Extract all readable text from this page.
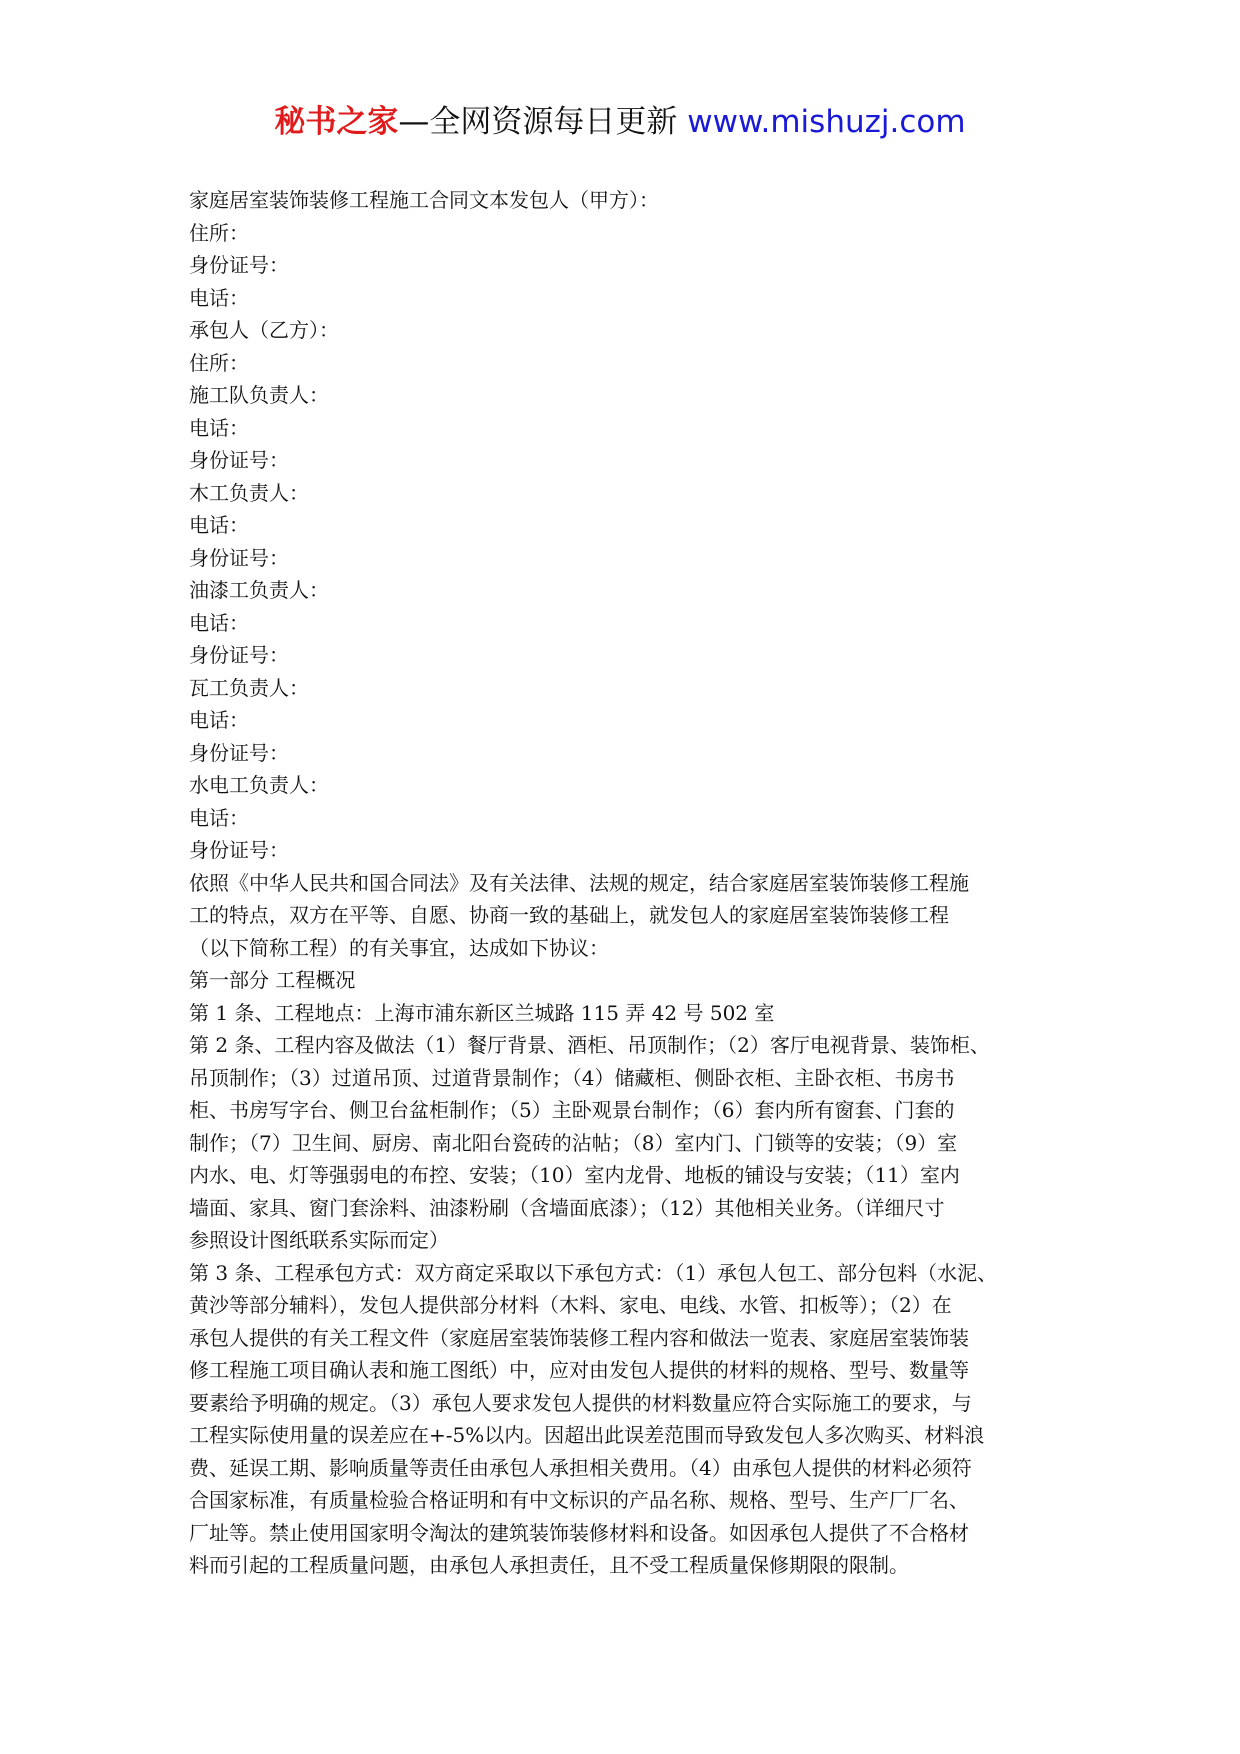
秘书之家—全网资源每日更新 www.mishuzj.com
家庭居室装饰装修工程施工合同文本发包人（甲方）：
住所：
身份证号：
电话：
承包人（乙方）：
住所：
施工队负责人：
电话：
身份证号：
木工负责人：
电话：
身份证号：
油漆工负责人：
电话：
身份证号：
瓦工负责人：
电话：
身份证号：
水电工负责人：
电话：
身份证号：
依照《中华人民共和国合同法》及有关法律、法规的规定，结合家庭居室装饰装修工程施
工的特点，双方在平等、自愿、协商一致的基础上，就发包人的家庭居室装饰装修工程
（以下简称工程）的有关事宜，达成如下协议：
第一部分 工程概况
第 1 条、工程地点：上海市浦东新区兰城路 115 弄 42 号 502 室
第 2 条、工程内容及做法（1）餐厅背景、酒柜、吊顶制作；（2）客厅电视背景、装饰柜、
吊顶制作；（3）过道吊顶、过道背景制作；（4）储藏柜、侧卧衣柜、主卧衣柜、书房书
柜、书房写字台、侧卫台盆柜制作；（5）主卧观景台制作；（6）套内所有窗套、门套的
制作；（7）卫生间、厨房、南北阳台瓷砖的沾帖；（8）室内门、门锁等的安装；（9）室
内水、电、灯等强弱电的布控、安装；（10）室内龙骨、地板的铺设与安装；（11）室内
墙面、家具、窗门套涂料、油漆粉刷（含墙面底漆）；（12）其他相关业务。（详细尺寸
参照设计图纸联系实际而定）
第 3 条、工程承包方式：双方商定采取以下承包方式：（1）承包人包工、部分包料（水泥、
黄沙等部分辅料），发包人提供部分材料（木料、家电、电线、水管、扣板等）；（2）在
承包人提供的有关工程文件（家庭居室装饰装修工程内容和做法一览表、家庭居室装饰装
修工程施工项目确认表和施工图纸）中，应对由发包人提供的材料的规格、型号、数量等
要素给予明确的规定。（3）承包人要求发包人提供的材料数量应符合实际施工的要求，与
工程实际使用量的误差应在+-5%以内。因超出此误差范围而导致发包人多次购买、材料浪
费、延误工期、影响质量等责任由承包人承担相关费用。（4）由承包人提供的材料必须符
合国家标准，有质量检验合格证明和有中文标识的产品名称、规格、型号、生产厂厂名、
厂址等。禁止使用国家明令淘汰的建筑装饰装修材料和设备。如因承包人提供了不合格材
料而引起的工程质量问题，由承包人承担责任，且不受工程质量保修期限的限制。
